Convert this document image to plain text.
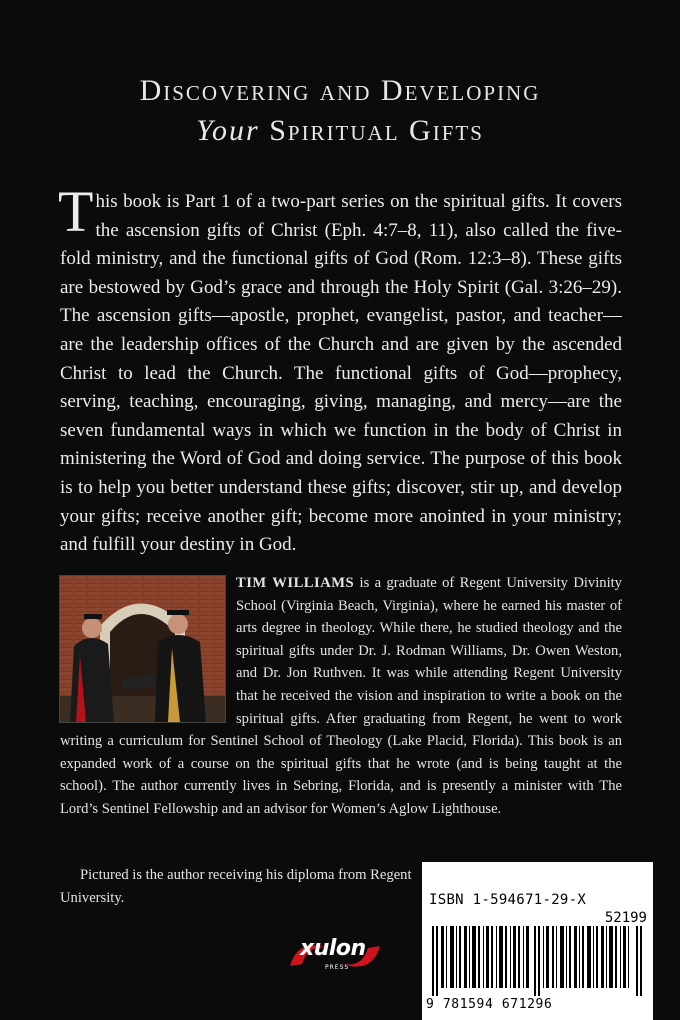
Discovering and Developing
Your Spiritual Gifts
This book is Part 1 of a two-part series on the spiritual gifts. It covers the ascension gifts of Christ (Eph. 4:7–8, 11), also called the five-fold ministry, and the functional gifts of God (Rom. 12:3–8). These gifts are bestowed by God’s grace and through the Holy Spirit (Gal. 3:26–29). The ascension gifts—apostle, prophet, evangelist, pastor, and teacher—are the leadership offices of the Church and are given by the ascended Christ to lead the Church. The functional gifts of God—prophecy, serving, teaching, encouraging, giving, managing, and mercy—are the seven fundamental ways in which we function in the body of Christ in ministering the Word of God and doing service. The purpose of this book is to help you better understand these gifts; discover, stir up, and develop your gifts; receive another gift; become more anointed in your ministry; and fulfill your destiny in God.
TIM WILLIAMS is a graduate of Regent University Divinity School (Virginia Beach, Virginia), where he earned his master of arts degree in theology. While there, he studied theology and the spiritual gifts under Dr. J. Rodman Williams, Dr. Owen Weston, and Dr. Jon Ruthven. It was while attending Regent University that he received the vision and inspiration to write a book on the spiritual gifts. After graduating from Regent, he went to work writing a curriculum for Sentinel School of Theology (Lake Placid, Florida). This book is an expanded work of a course on the spiritual gifts that he wrote (and is being taught at the school). The author currently lives in Sebring, Florida, and is presently a minister with The Lord’s Sentinel Fellowship and an advisor for Women’s Aglow Lighthouse.
Pictured is the author receiving his diploma from Regent University.	ISBN 1-594671-29-X
52199
9 781594 671296
xulon
PRESS
